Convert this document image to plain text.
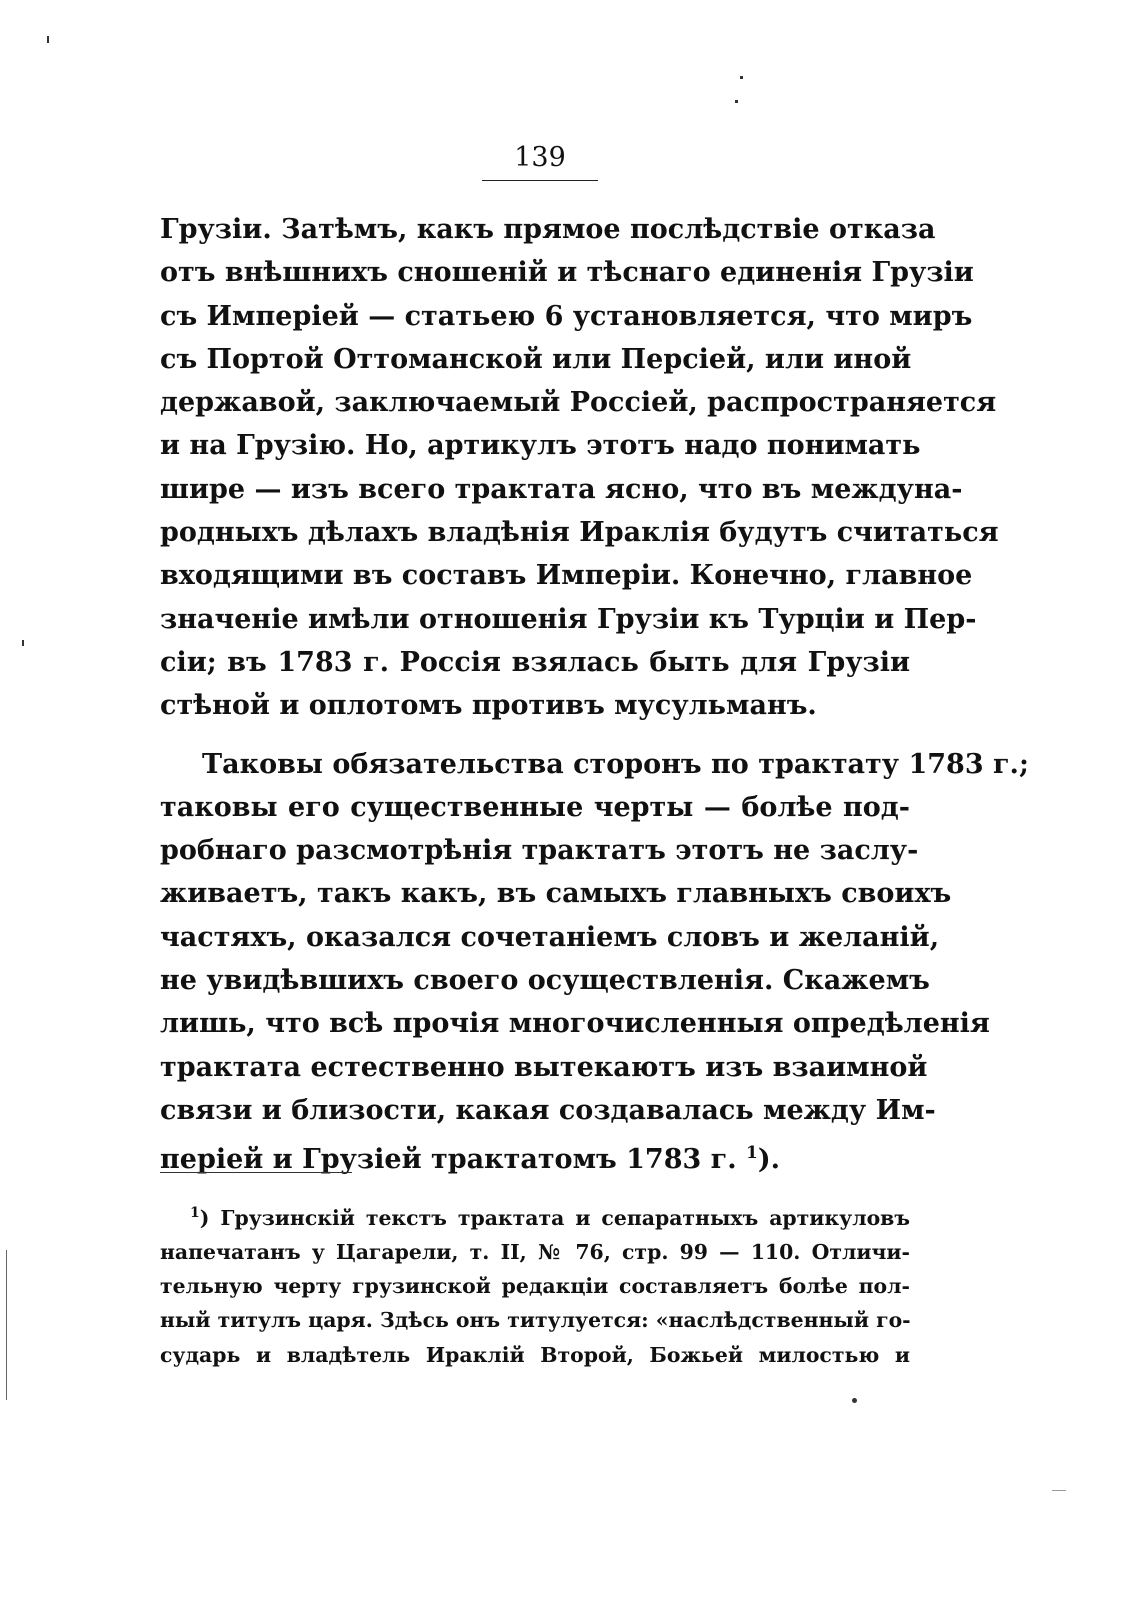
139
Грузіи. Затѣмъ, какъ прямое послѣдствіе отказа
отъ внѣшнихъ сношеній и тѣснаго единенія Грузіи
съ Имперіей — статьею 6 установляется, что миръ
съ Портой Оттоманской или Персіей, или иной
державой, заключаемый Россіей, распространяется
и на Грузію. Но, артикулъ этотъ надо понимать
шире — изъ всего трактата ясно, что въ междуна-
родныхъ дѣлахъ владѣнія Ираклія будутъ считаться
входящими въ составъ Имперіи. Конечно, главное
значеніе имѣли отношенія Грузіи къ Турціи и Пер-
сіи; въ 1783 г. Россія взялась быть для Грузіи
стѣной и оплотомъ противъ мусульманъ.
Таковы обязательства сторонъ по трактату 1783 г.;
таковы его существенные черты — болѣе под-
робнаго разсмотрѣнія трактатъ этотъ не заслу-
живаетъ, такъ какъ, въ самыхъ главныхъ своихъ
частяхъ, оказался сочетаніемъ словъ и желаній,
не увидѣвшихъ своего осуществленія. Скажемъ
лишь, что всѣ прочія многочисленныя опредѣленія
трактата естественно вытекаютъ изъ взаимной
связи и близости, какая создавалась между Им-
періей и Грузіей трактатомъ 1783 г. $^1$).
$^1$) Грузинскій текстъ трактата и сепаратныхъ артикуловъ
напечатанъ у Цагарели, т. II, № 76, стр. 99 — 110. Отличи-
тельную черту грузинской редакціи составляетъ болѣе пол-
ный титулъ царя. Здѣсь онъ титулуется: «наслѣдственный го-
сударь и владѣтель Ираклій Второй, Божьей милостью и
